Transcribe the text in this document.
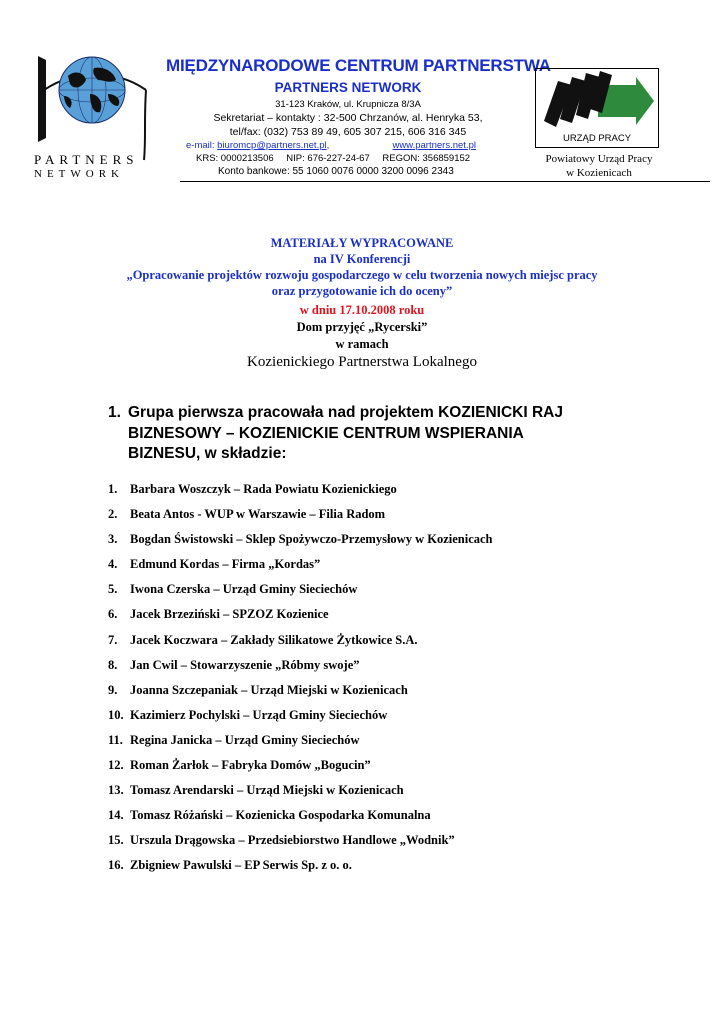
PARTNERS
NETWORK
MIĘDZYNARODOWE CENTRUM PARTNERSTWA
PARTNERS NETWORK
31-123 Kraków, ul. Krupnicza 8/3A
Sekretariat – kontakty : 32-500 Chrzanów, al. Henryka 53,
tel/fax: (032) 753 89 49, 605 307 215, 606 316 345
e-mail: biuromcp@partners.net.pl,	www.partners.net.pl
KRS: 0000213506 NIP: 676-227-24-67 REGON: 356859152
Konto bankowe: 55 1060 0076 0000 3200 0096 2343
URZĄD PRACY
Powiatowy Urząd Pracy
w Kozienicach
MATERIAŁY WYPRACOWANE
na IV Konferencji
„Opracowanie projektów rozwoju gospodarczego w celu tworzenia nowych miejsc pracy
oraz przygotowanie ich do oceny”
w dniu 17.10.2008 roku
Dom przyjęć „Rycerski”
w ramach
Kozienickiego Partnerstwa Lokalnego
1. Grupa pierwsza pracowała nad projektem KOZIENICKI RAJ
BIZNESOWY – KOZIENICKIE CENTRUM WSPIERANIA
BIZNESU, w składzie:
1.	Barbara Woszczyk – Rada Powiatu Kozienickiego
2.	Beata Antos - WUP w Warszawie – Filia Radom
3.	Bogdan Świstowski – Sklep Spożywczo-Przemysłowy w Kozienicach
4.	Edmund Kordas – Firma „Kordas”
5.	Iwona Czerska – Urząd Gminy Sieciechów
6.	Jacek Brzeziński – SPZOZ Kozienice
7.	Jacek Koczwara – Zakłady Silikatowe Żytkowice S.A.
8.	Jan Cwil – Stowarzyszenie „Róbmy swoje”
9.	Joanna Szczepaniak – Urząd Miejski w Kozienicach
10. Kazimierz Pochylski – Urząd Gminy Sieciechów
11. Regina Janicka – Urząd Gminy Sieciechów
12. Roman Żarłok – Fabryka Domów „Bogucin”
13. Tomasz Arendarski – Urząd Miejski w Kozienicach
14. Tomasz Różański – Kozienicka Gospodarka Komunalna
15. Urszula Drągowska – Przedsiebiorstwo Handlowe „Wodnik”
16. Zbigniew Pawulski – EP Serwis Sp. z o. o.
